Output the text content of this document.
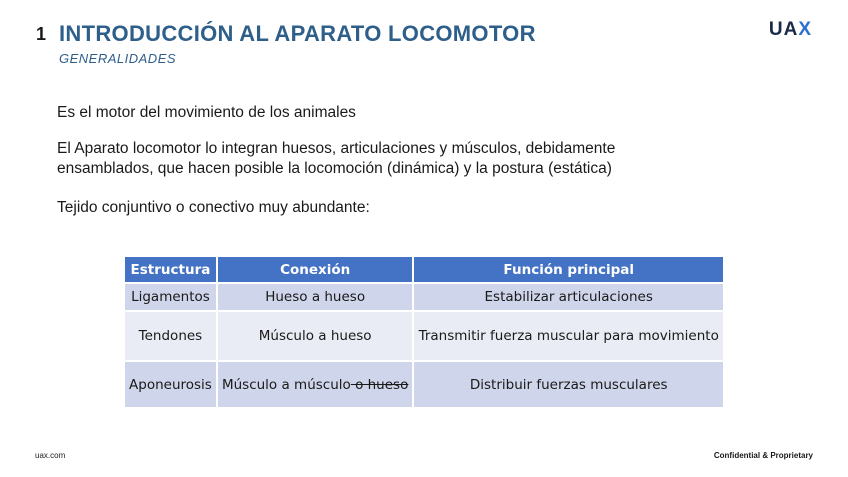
1 INTRODUCCIÓN AL APARATO LOCOMOTOR
GENERALIDADES
UAX
Es el motor del movimiento de los animales
El Aparato locomotor lo integran huesos, articulaciones y músculos, debidamente ensamblados, que hacen posible la locomoción (dinámica) y la postura (estática)
Tejido conjuntivo o conectivo muy abundante:
Estructura	Conexión	Función principal
Ligamentos	Hueso a hueso	Estabilizar articulaciones
Tendones	Músculo a hueso	Transmitir fuerza muscular para movimiento
Aponeurosis	Músculo a músculo o hueso	Distribuir fuerzas musculares
uax.com	Confidential & Proprietary
